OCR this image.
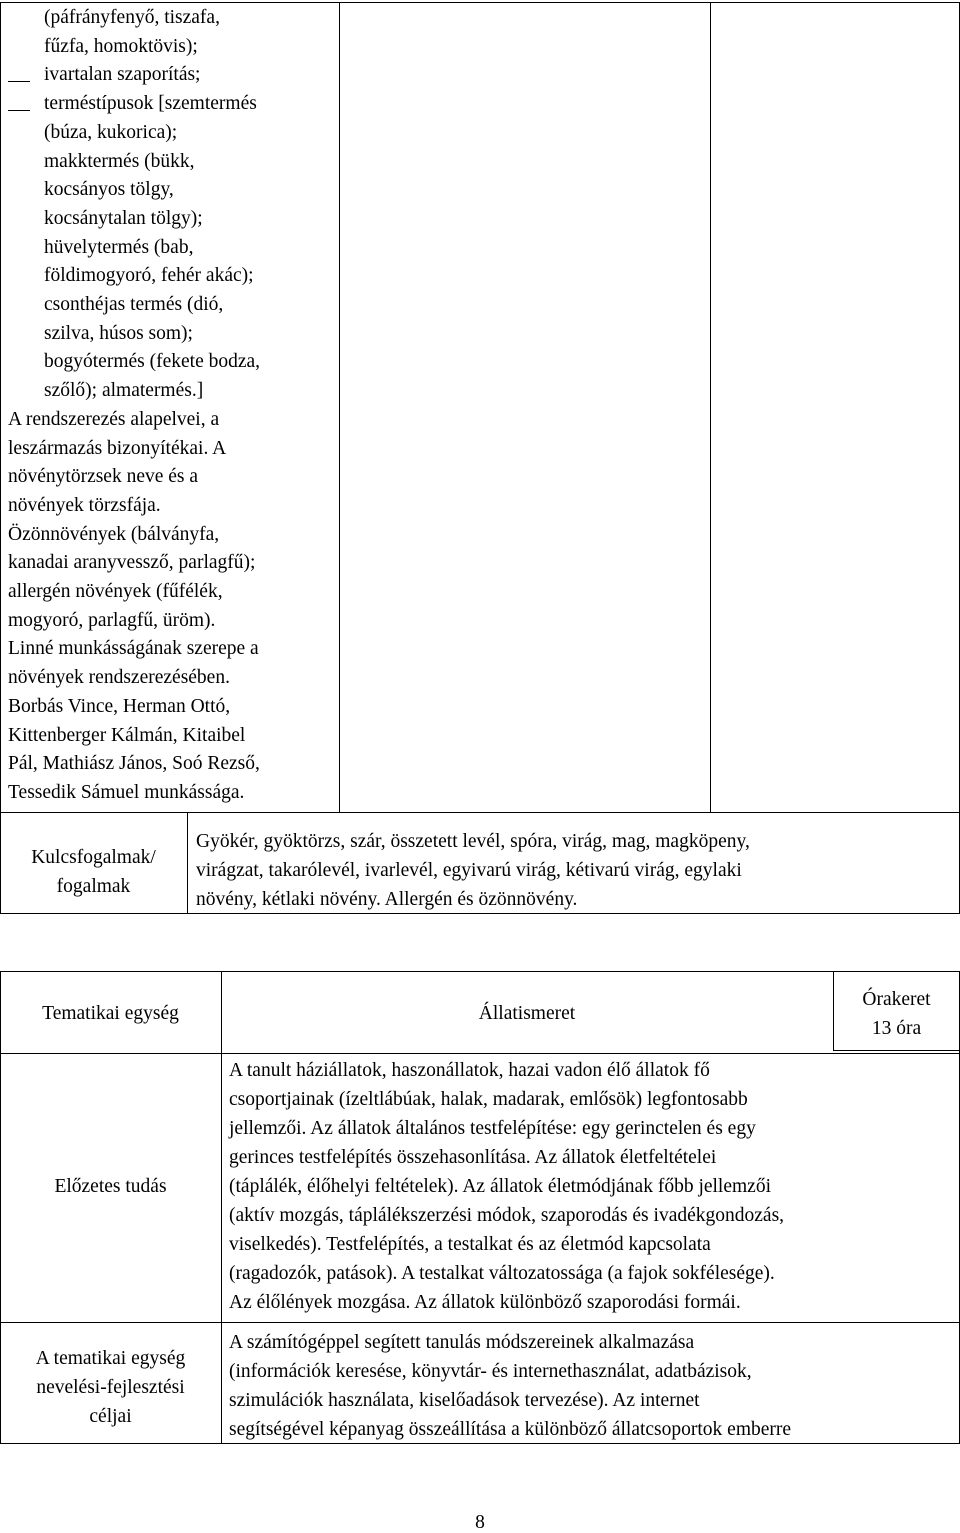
(páfrányfenyő, tiszafa,
fűzfa, homoktövis);
ivartalan szaporítás;
terméstípusok [szemtermés
(búza, kukorica);
makktermés (bükk,
kocsányos tölgy,
kocsánytalan tölgy);
hüvelytermés (bab,
földimogyoró, fehér akác);
csonthéjas termés (dió,
szilva, húsos som);
bogyótermés (fekete bodza,
szőlő); almatermés.]
A rendszerezés alapelvei, a
leszármazás bizonyítékai. A
növénytörzsek neve és a
növények törzsfája.
Özönnövények (bálványfa,
kanadai aranyvessző, parlagfű);
allergén növények (fűfélék,
mogyoró, parlagfű, üröm).
Linné munkásságának szerepe a
növények rendszerezésében.
Borbás Vince, Herman Ottó,
Kittenberger Kálmán, Kitaibel
Pál, Mathiász János, Soó Rezső,
Tessedik Sámuel munkássága.
Kulcsfogalmak/
fogalmak
Gyökér, gyöktörzs, szár, összetett levél, spóra, virág, mag, magköpeny,
virágzat, takarólevél, ivarlevél, egyivarú virág, kétivarú virág, egylaki
növény, kétlaki növény. Allergén és özönnövény.
Tematikai egység	Állatismeret
Órakeret
13 óra
Előzetes tudás
A tanult háziállatok, haszonállatok, hazai vadon élő állatok fő
csoportjainak (ízeltlábúak, halak, madarak, emlősök) legfontosabb
jellemzői. Az állatok általános testfelépítése: egy gerinctelen és egy
gerinces testfelépítés összehasonlítása. Az állatok életfeltételei
(táplálék, élőhelyi feltételek). Az állatok életmódjának főbb jellemzői
(aktív mozgás, táplálékszerzési módok, szaporodás és ivadékgondozás,
viselkedés). Testfelépítés, a testalkat és az életmód kapcsolata
(ragadozók, patások). A testalkat változatossága (a fajok sokfélesége).
Az élőlények mozgása. Az állatok különböző szaporodási formái.
A tematikai egység
nevelési-fejlesztési
céljai
A számítógéppel segített tanulás módszereinek alkalmazása
(információk keresése, könyvtár- és internethasználat, adatbázisok,
szimulációk használata, kiselőadások tervezése). Az internet
segítségével képanyag összeállítása a különböző állatcsoportok emberre
8
